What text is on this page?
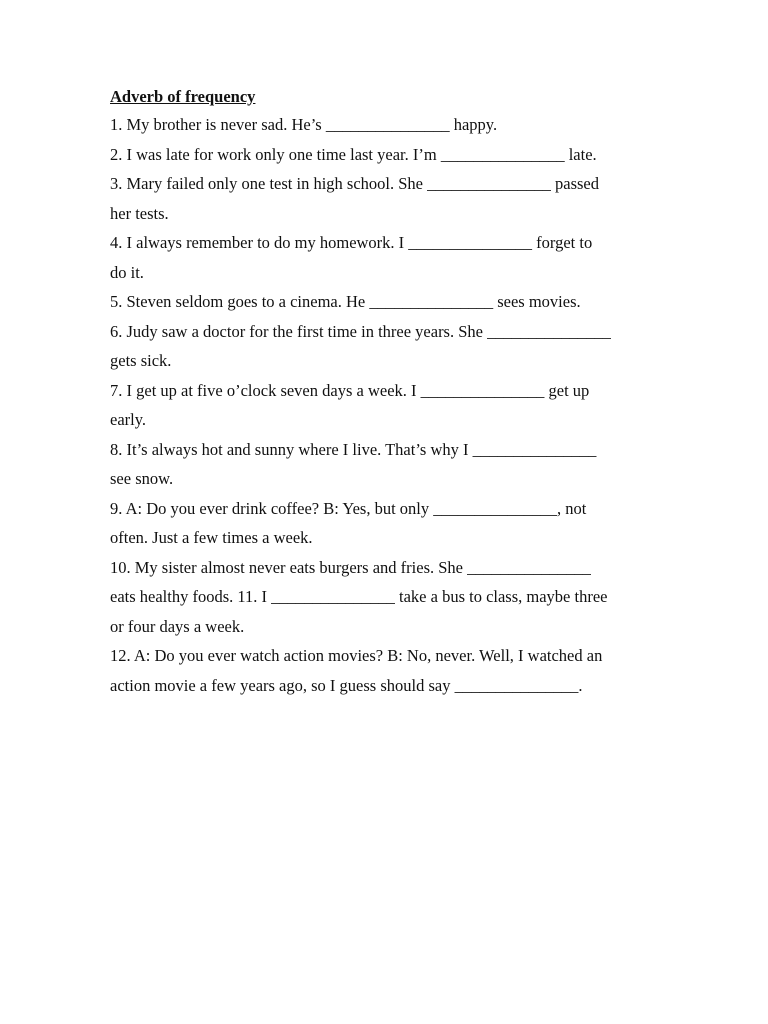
Adverb of frequency
1. My brother is never sad. He’s _______________ happy.
2. I was late for work only one time last year. I’m _______________ late.
3. Mary failed only one test in high school. She _______________ passed
her tests.
4. I always remember to do my homework. I _______________ forget to
do it.
5. Steven seldom goes to a cinema. He _______________ sees movies.
6. Judy saw a doctor for the first time in three years. She _______________
gets sick.
7. I get up at five o’clock seven days a week. I _______________ get up
early.
8. It’s always hot and sunny where I live. That’s why I _______________
see snow.
9. A: Do you ever drink coffee? B: Yes, but only _______________, not
often. Just a few times a week.
10. My sister almost never eats burgers and fries. She _______________
eats healthy foods. 11. I _______________ take a bus to class, maybe three
or four days a week.
12. A: Do you ever watch action movies? B: No, never. Well, I watched an
action movie a few years ago, so I guess should say _______________.
